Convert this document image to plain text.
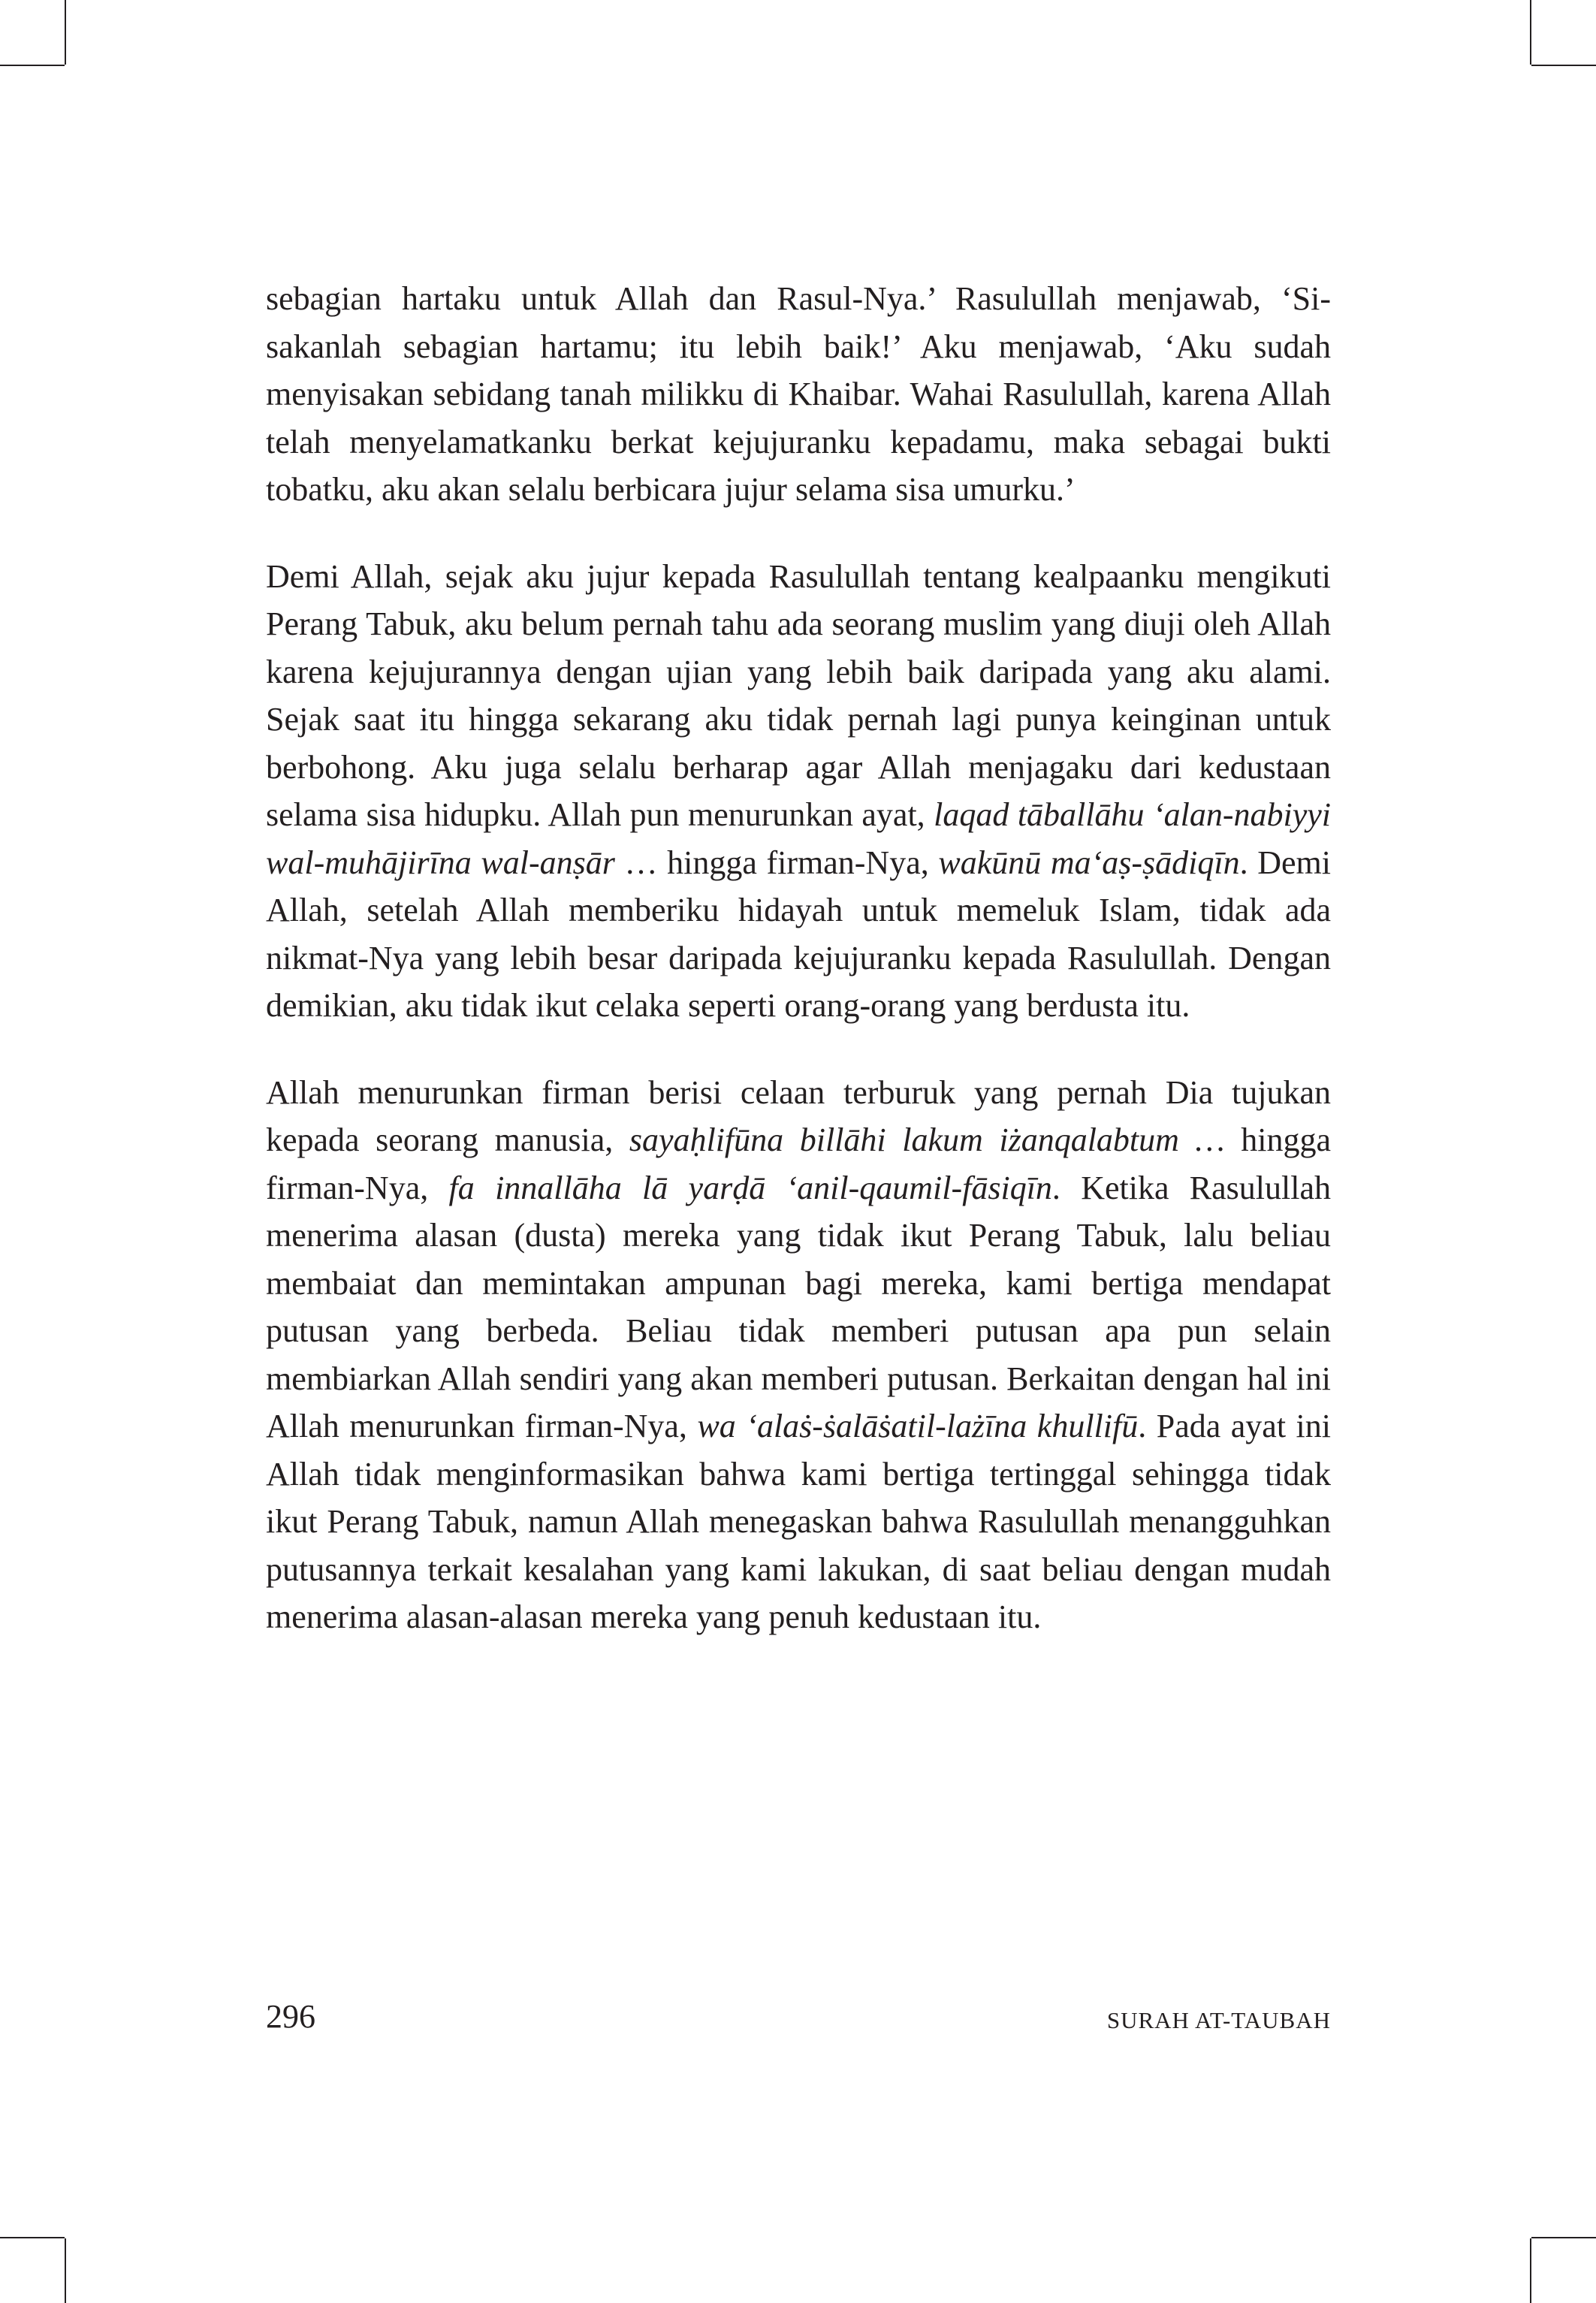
sebagian hartaku untuk Allah dan Rasul-Nya.’ Rasulullah menjawab, ‘Sisakanlah sebagian hartamu; itu lebih baik!’ Aku menjawab, ‘Aku sudah menyisakan sebidang tanah milikku di Khaibar. Wahai Rasulullah, karena Allah telah menyelamatkanku berkat kejujuranku kepadamu, maka sebagai bukti tobatku, aku akan selalu berbicara jujur selama sisa umurku.’

Demi Allah, sejak aku jujur kepada Rasulullah tentang kealpaanku mengikuti Perang Tabuk, aku belum pernah tahu ada seorang muslim yang diuji oleh Allah karena kejujurannya dengan ujian yang lebih baik daripada yang aku alami. Sejak saat itu hingga sekarang aku tidak pernah lagi punya keinginan untuk berbohong. Aku juga selalu berharap agar Allah menjagaku dari kedustaan selama sisa hidupku. Allah pun menurunkan ayat, laqad tāballāhu ‘alan-nabiyyi wal-muhājirīna wal-anṣār … hingga firman-Nya, wakūnū ma‘aṣ-ṣādiqīn. Demi Allah, setelah Allah memberiku hidayah untuk memeluk Islam, tidak ada nikmat-Nya yang lebih besar daripada kejujuranku kepada Rasulullah. Dengan demikian, aku tidak ikut celaka seperti orang-orang yang berdusta itu.

Allah menurunkan firman berisi celaan terburuk yang pernah Dia tujukan kepada seorang manusia, sayaḥlifūna billāhi lakum iżanqalabtum … hingga firman-Nya, fa innallāha lā yarḍā ‘anil-qaumil-fāsiqīn. Ketika Rasulullah menerima alasan (dusta) mereka yang tidak ikut Perang Tabuk, lalu beliau membaiat dan memintakan ampunan bagi mereka, kami bertiga mendapat putusan yang berbeda. Beliau tidak memberi putusan apa pun selain membiarkan Allah sendiri yang akan memberi putusan. Berkaitan dengan hal ini Allah menurunkan firman-Nya, wa ‘alaṡ-ṡalāṡatil-lażīna khullifū. Pada ayat ini Allah tidak menginformasikan bahwa kami bertiga tertinggal sehingga tidak ikut Perang Tabuk, namun Allah menegaskan bahwa Rasulullah menangguhkan putusannya terkait kesalahan yang kami lakukan, di saat beliau dengan mudah menerima alasan-alasan mereka yang penuh kedustaan itu.

296	SURAH AT-TAUBAH
